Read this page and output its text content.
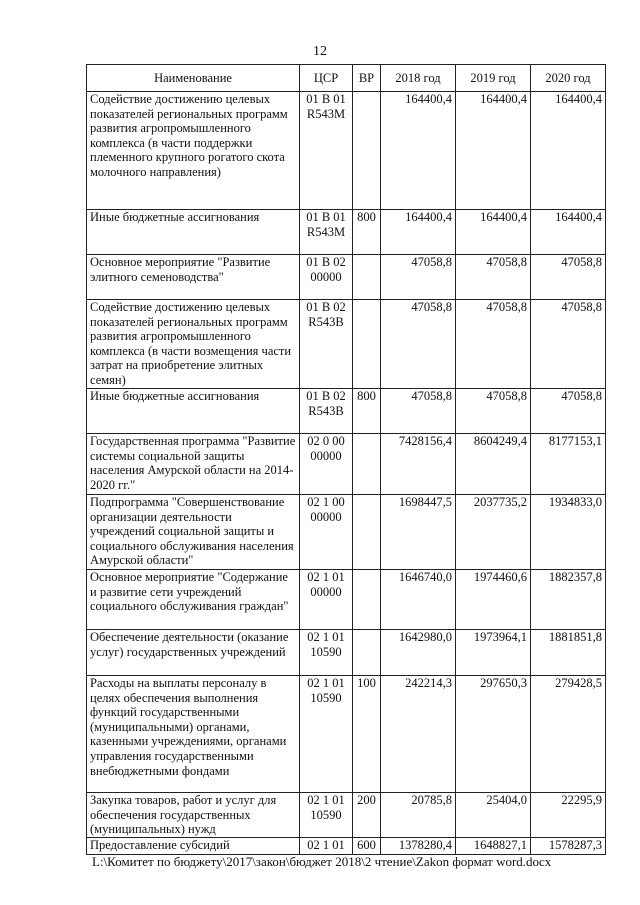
12
Наименование	ЦСР	ВР	2018 год	2019 год	2020 год
Содействие достижению целевых показателей региональных программ развития агропромышленного комплекса (в части поддержки племенного крупного рогатого скота молочного направления)	01 В 01 R543M		164400,4	164400,4	164400,4
Иные бюджетные ассигнования	01 В 01 R543M	800	164400,4	164400,4	164400,4
Основное мероприятие "Развитие элитного семеноводства"	01 В 02 00000		47058,8	47058,8	47058,8
Содействие достижению целевых показателей региональных программ развития агропромышленного комплекса (в части возмещения части затрат на приобретение элитных семян)	01 В 02 R543В		47058,8	47058,8	47058,8
Иные бюджетные ассигнования	01 В 02 R543В	800	47058,8	47058,8	47058,8
Государственная программа "Развитие системы социальной защиты населения Амурской области на 2014-2020 гг."	02 0 00 00000		7428156,4	8604249,4	8177153,1
Подпрограмма "Совершенствование организации деятельности учреждений социальной защиты и социального обслуживания населения Амурской области"	02 1 00 00000		1698447,5	2037735,2	1934833,0
Основное мероприятие "Содержание и развитие сети учреждений социального обслуживания граждан"	02 1 01 00000		1646740,0	1974460,6	1882357,8
Обеспечение деятельности (оказание услуг) государственных учреждений	02 1 01 10590		1642980,0	1973964,1	1881851,8
Расходы на выплаты персоналу в целях обеспечения выполнения функций государственными (муниципальными) органами, казенными учреждениями, органами управления государственными внебюджетными фондами	02 1 01 10590	100	242214,3	297650,3	279428,5
Закупка товаров, работ и услуг для обеспечения государственных (муниципальных) нужд	02 1 01 10590	200	20785,8	25404,0	22295,9
Предоставление субсидий	02 1 01	600	1378280,4	1648827,1	1578287,3
L:\Комитет по бюджету\2017\закон\бюджет 2018\2 чтение\Zakon формат word.docx
